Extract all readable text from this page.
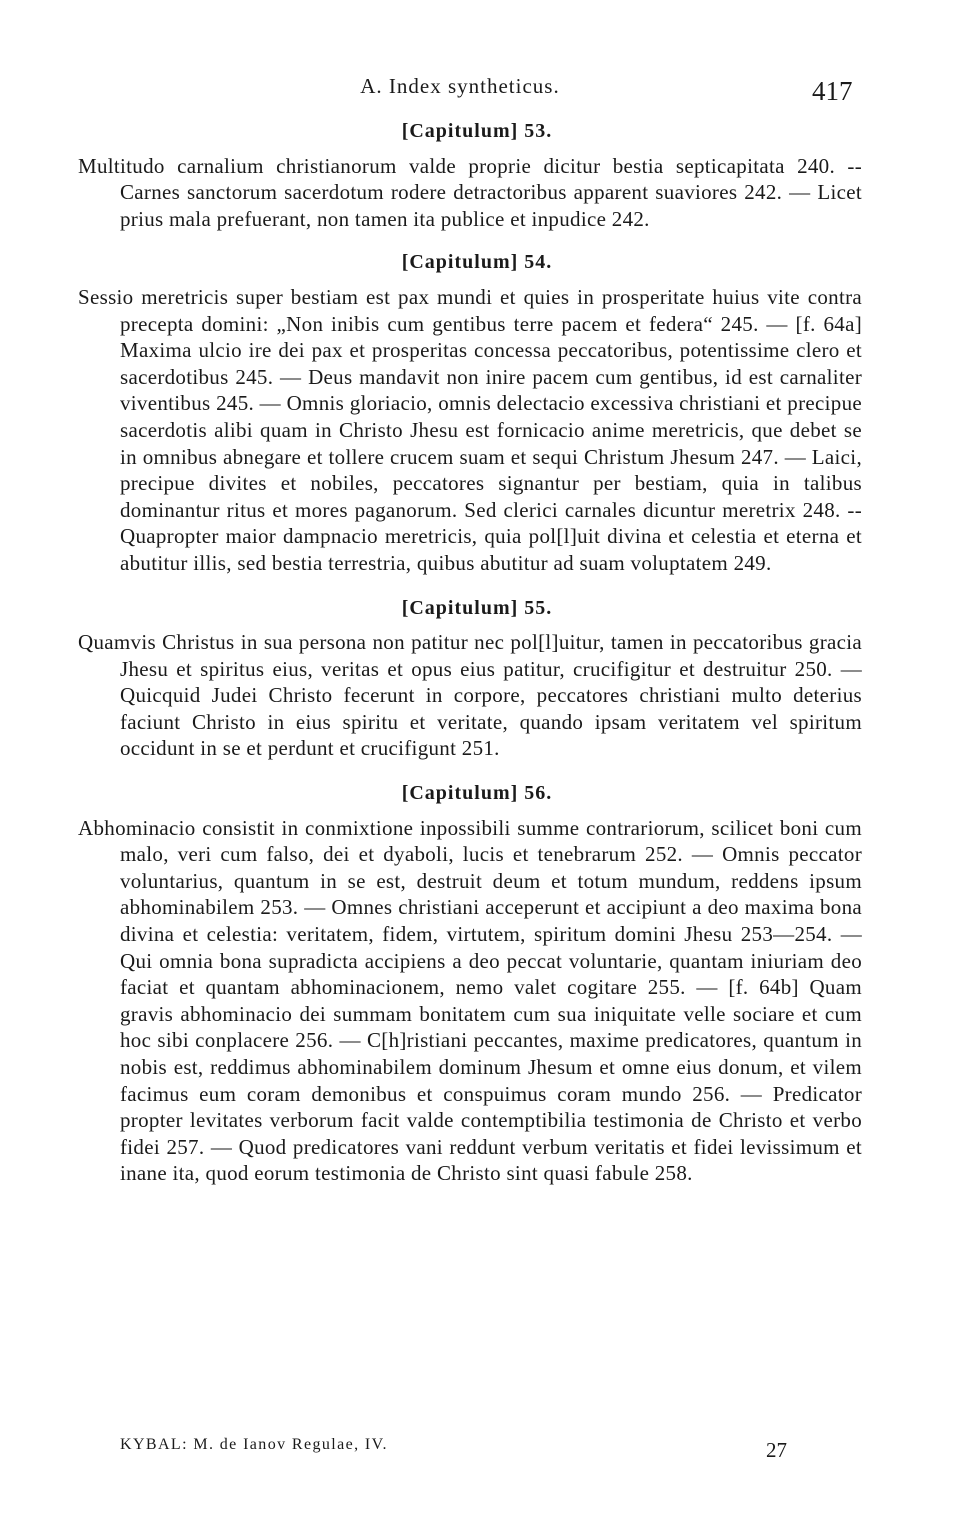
A. Index syntheticus.	417
[Capitulum] 53.

Multitudo carnalium christianorum valde proprie dicitur bestia septicapitata 240. -- Carnes sanctorum sacerdotum rodere detractoribus apparent suaviores 242. — Licet prius mala prefuerant, non tamen ita publice et inpudice 242.

[Capitulum] 54.

Sessio meretricis super bestiam est pax mundi et quies in prosperitate huius vite contra precepta domini: „Non inibis cum gentibus terre pacem et federa“ 245. — [f. 64a] Maxima ulcio ire dei pax et prosperitas concessa peccatoribus, potentissime clero et sacerdotibus 245. — Deus mandavit non inire pacem cum gentibus, id est carnaliter viventibus 245. — Omnis gloriacio, omnis delectacio excessiva christiani et precipue sacerdotis alibi quam in Christo Jhesu est fornicacio anime meretricis, que debet se in omnibus abnegare et tollere crucem suam et sequi Christum Jhesum 247. — Laici, precipue divites et nobiles, peccatores signantur per bestiam, quia in talibus dominantur ritus et mores paganorum. Sed clerici carnales dicuntur meretrix 248. -- Quapropter maior dampnacio meretricis, quia pol[l]uit divina et celestia et eterna et abutitur illis, sed bestia terrestria, quibus abutitur ad suam voluptatem 249.

[Capitulum] 55.

Quamvis Christus in sua persona non patitur nec pol[l]uitur, tamen in peccatoribus gracia Jhesu et spiritus eius, veritas et opus eius patitur, crucifigitur et destruitur 250. — Quicquid Judei Christo fecerunt in corpore, peccatores christiani multo deterius faciunt Christo in eius spiritu et veritate, quando ipsam veritatem vel spiritum occidunt in se et perdunt et crucifigunt 251.

[Capitulum] 56.

Abhominacio consistit in conmixtione inpossibili summe contrariorum, scilicet boni cum malo, veri cum falso, dei et dyaboli, lucis et tenebrarum 252. — Omnis peccator voluntarius, quantum in se est, destruit deum et totum mundum, reddens ipsum abhominabilem 253. — Omnes christiani acceperunt et accipiunt a deo maxima bona divina et celestia: veritatem, fidem, virtutem, spiritum domini Jhesu 253—254. — Qui omnia bona supradicta accipiens a deo peccat voluntarie, quantam iniuriam deo faciat et quantam abhominacionem, nemo valet cogitare 255. — [f. 64b] Quam gravis abhominacio dei summam bonitatem cum sua iniquitate velle sociare et cum hoc sibi conplacere 256. — C[h]ristiani peccantes, maxime predicatores, quantum in nobis est, reddimus abhominabilem dominum Jhesum et omne eius donum, et vilem facimus eum coram demonibus et conspuimus coram mundo 256. — Predicator propter levitates verborum facit valde contemptibilia testimonia de Christo et verbo fidei 257. — Quod predicatores vani reddunt verbum veritatis et fidei levissimum et inane ita, quod eorum testimonia de Christo sint quasi fabule 258.

KYBAL: M. de Ianov Regulae, IV.	27
